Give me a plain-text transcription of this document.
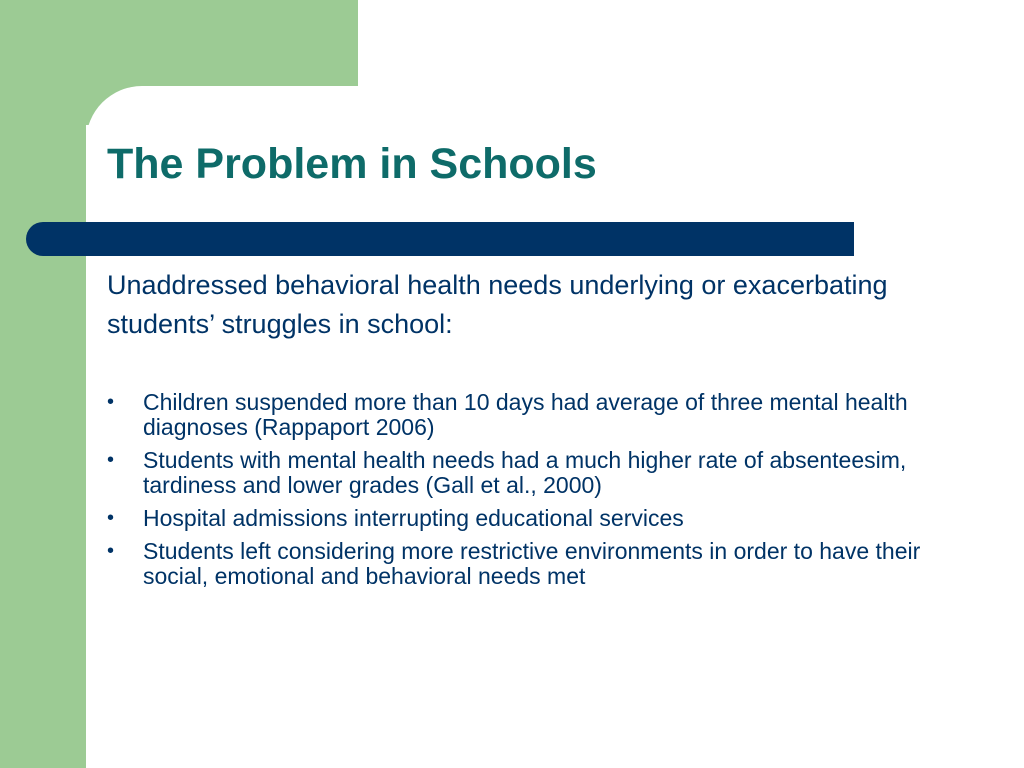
The Problem in Schools

Unaddressed behavioral health needs underlying or exacerbating students’ struggles in school:

• Children suspended more than 10 days had average of three mental health diagnoses (Rappaport 2006)
• Students with mental health needs had a much higher rate of absenteesim, tardiness and lower grades (Gall et al., 2000)
• Hospital admissions interrupting educational services
• Students left considering more restrictive environments in order to have their social, emotional and behavioral needs met
